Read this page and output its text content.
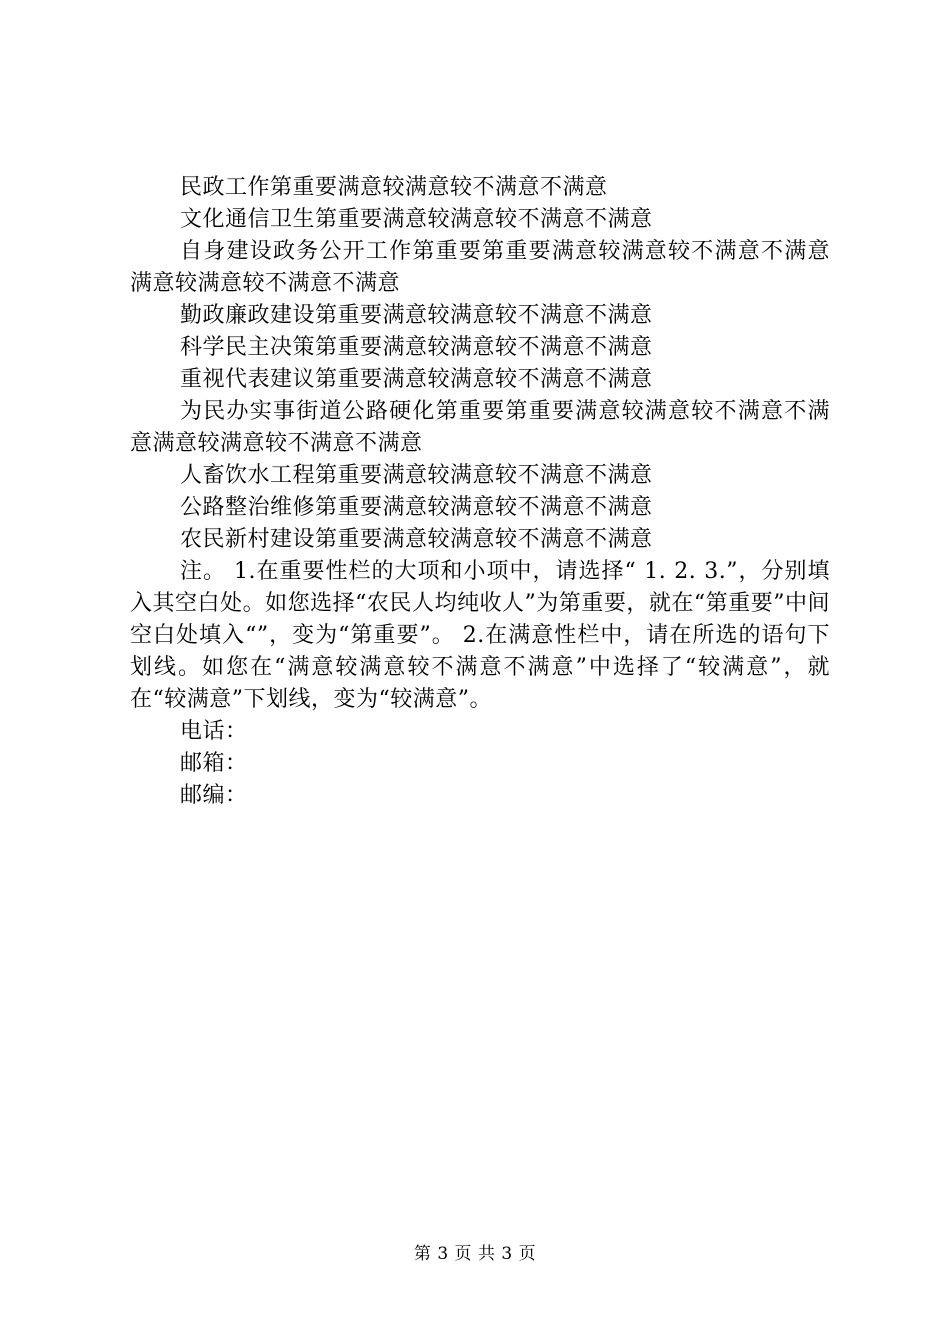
民政工作第重要满意较满意较不满意不满意

文化通信卫生第重要满意较满意较不满意不满意

自身建设政务公开工作第重要第重要满意较满意较不满意不满意满意较满意较不满意不满意

勤政廉政建设第重要满意较满意较不满意不满意

科学民主决策第重要满意较满意较不满意不满意

重视代表建议第重要满意较满意较不满意不满意

为民办实事街道公路硬化第重要第重要满意较满意较不满意不满意满意较满意较不满意不满意

人畜饮水工程第重要满意较满意较不满意不满意

公路整治维修第重要满意较满意较不满意不满意

农民新村建设第重要满意较满意较不满意不满意

注。 1.在重要性栏的大项和小项中，请选择“ 1. 2. 3.”，分别填入其空白处。如您选择“农民人均纯收人”为第重要，就在“第重要”中间空白处填入“”，变为“第重要”。 2.在满意性栏中，请在所选的语句下划线。如您在“满意较满意较不满意不满意”中选择了“较满意”，就在“较满意”下划线，变为“较满意”。

电话：

邮箱：

邮编：

第 3 页 共 3 页
